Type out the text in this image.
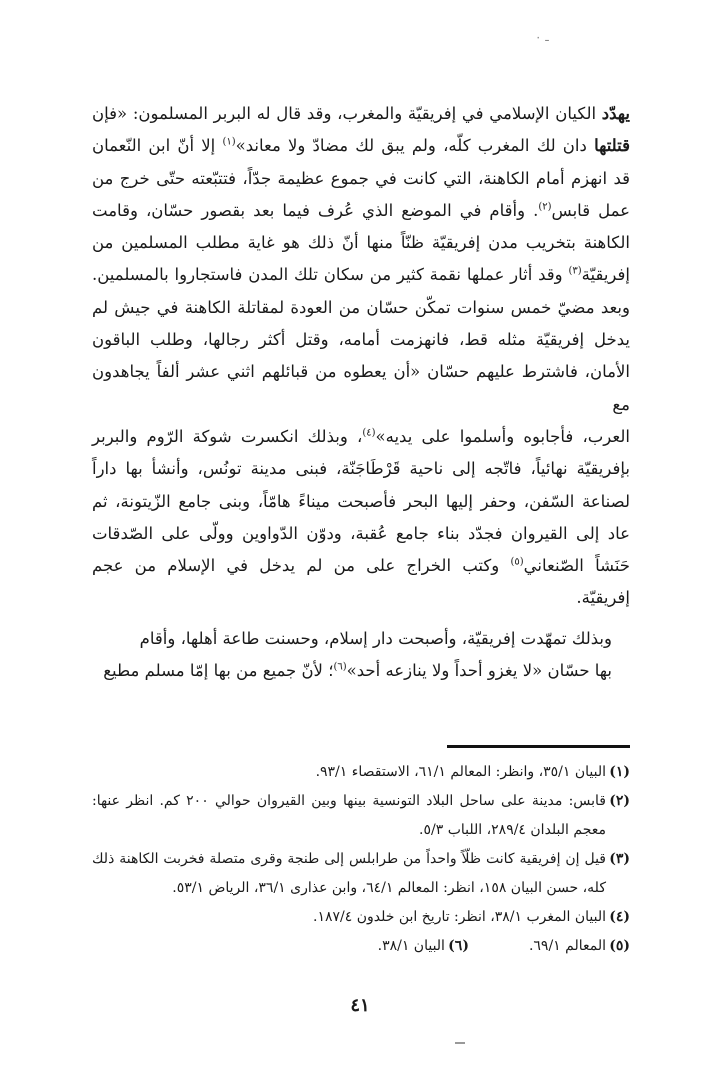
ـ ٠

يهدّد الكيان الإسلامي في إفريقيّة والمغرب، وقد قال له البربر المسلمون: «فإن

قتلتها دان لك المغرب كلّه، ولم يبق لك مضادّ ولا معاند»$^{(١)}$ إلا أنّ ابن النّعمان

قد انهزم أمام الكاهنة، التي كانت في جموع عظيمة جدّاً، فتتبّعته حتّى خرج من

عمل قابس$^{(٢)}$. وأقام في الموضع الذي عُرف فيما بعد بقصور حسّان، وقامت

الكاهنة بتخريب مدن إفريقيّة ظنّاً منها أنّ ذلك هو غاية مطلب المسلمين من

إفريقيّة$^{(٣)}$ وقد أثار عملها نقمة كثير من سكان تلك المدن فاستجاروا بالمسلمين.

وبعد مضيّ خمس سنوات تمكّن حسّان من العودة لمقاتلة الكاهنة في جيش لم

يدخل إفريقيّة مثله قط، فانهزمت أمامه، وقتل أكثر رجالها، وطلب الباقون

الأمان، فاشترط عليهم حسّان «أن يعطوه من قبائلهم اثني عشر ألفاً يجاهدون مع

العرب، فأجابوه وأسلموا على يديه»$^{(٤)}$، وبذلك انكسرت شوكة الرّوم والبربر

بإفريقيّة نهائياً، فاتّجه إلى ناحية قَرْطَاجَنّة، فبنى مدينة تونُس، وأنشأ بها داراً

لصناعة السّفن، وحفر إليها البحر فأصبحت ميناءً هامّاً، وبنى جامع الزّيتونة، ثم

عاد إلى القيروان فجدّد بناء جامع عُقبة، ودوّن الدّواوين وولّى على الصّدقات

حَنَشاً الصّنعاني$^{(٥)}$ وكتب الخراج على من لم يدخل في الإسلام من عجم

إفريقيّة.

وبذلك تمهّدت إفريقيّة، وأصبحت دار إسلام، وحسنت طاعة أهلها، وأقام

بها حسّان «لا يغزو أحداً ولا ينازعه أحد»$^{(٦)}$؛ لأنّ جميع من بها إمّا مسلم مطيع

(١)
البيان ٣٥/١، وانظر: المعالم ٦١/١، الاستقصاء ٩٣/١.
(٢)
قابس: مدينة على ساحل البلاد التونسية بينها وبين القيروان حوالي ٢٠٠ كم. انظر عنها: معجم البلدان ٢٨٩/٤، اللباب ٥/٣.
(٣)
قيل إن إفريقية كانت ظلّاً واحداً من طرابلس إلى طنجة وقرى متصلة فخربت الكاهنة ذلك كله، حسن البيان ١٥٨، انظر: المعالم ٦٤/١، وابن عذارى ٣٦/١، الرياض ٥٣/١.
(٤)
البيان المغرب ٣٨/١، انظر: تاريخ ابن خلدون ١٨٧/٤.
(٥)
المعالم ٦٩/١.
(٦)
البيان ٣٨/١.
٤١
